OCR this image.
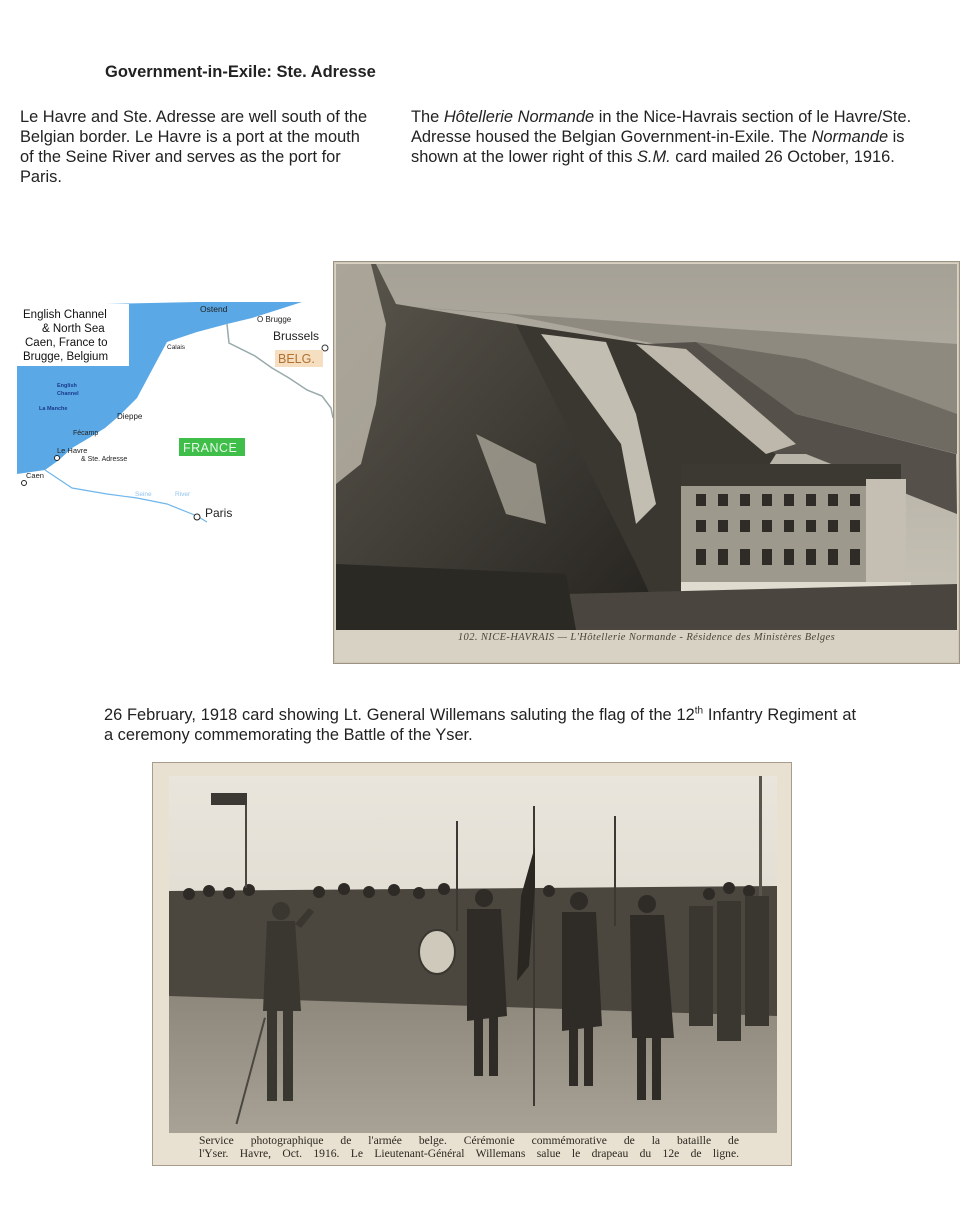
Government-in-Exile: Ste. Adresse
Le Havre and Ste. Adresse are well south of the Belgian border. Le Havre is a port at the mouth of the Seine River and serves as the port for Paris.
The Hôtellerie Normande in the Nice-Havrais section of le Havre/Ste. Adresse housed the Belgian Government-in-Exile. The Normande is shown at the lower right of this S.M. card mailed 26 October, 1916.
English Channel
& North Sea
Caen, France to
Brugge, Belgium
Ostend
O Brugge
Calais
Brussels
BELG.
English
Channel
La Manche
Dieppe
Fécamp
Le Havre
& Ste. Adresse
Caen
FRANCE
Seine	River
Paris
102. NICE-HAVRAIS — L'Hôtellerie Normande - Résidence des Ministères Belges
26 February, 1918 card showing Lt. General Willemans saluting the flag of the 12th Infantry Regiment at a ceremony commemorating the Battle of the Yser.
Service photographique de l'armée belge. Cérémonie commémorative de la bataille de
l'Yser. Havre, Oct. 1916. Le Lieutenant-Général Willemans salue le drapeau du 12e de ligne.
